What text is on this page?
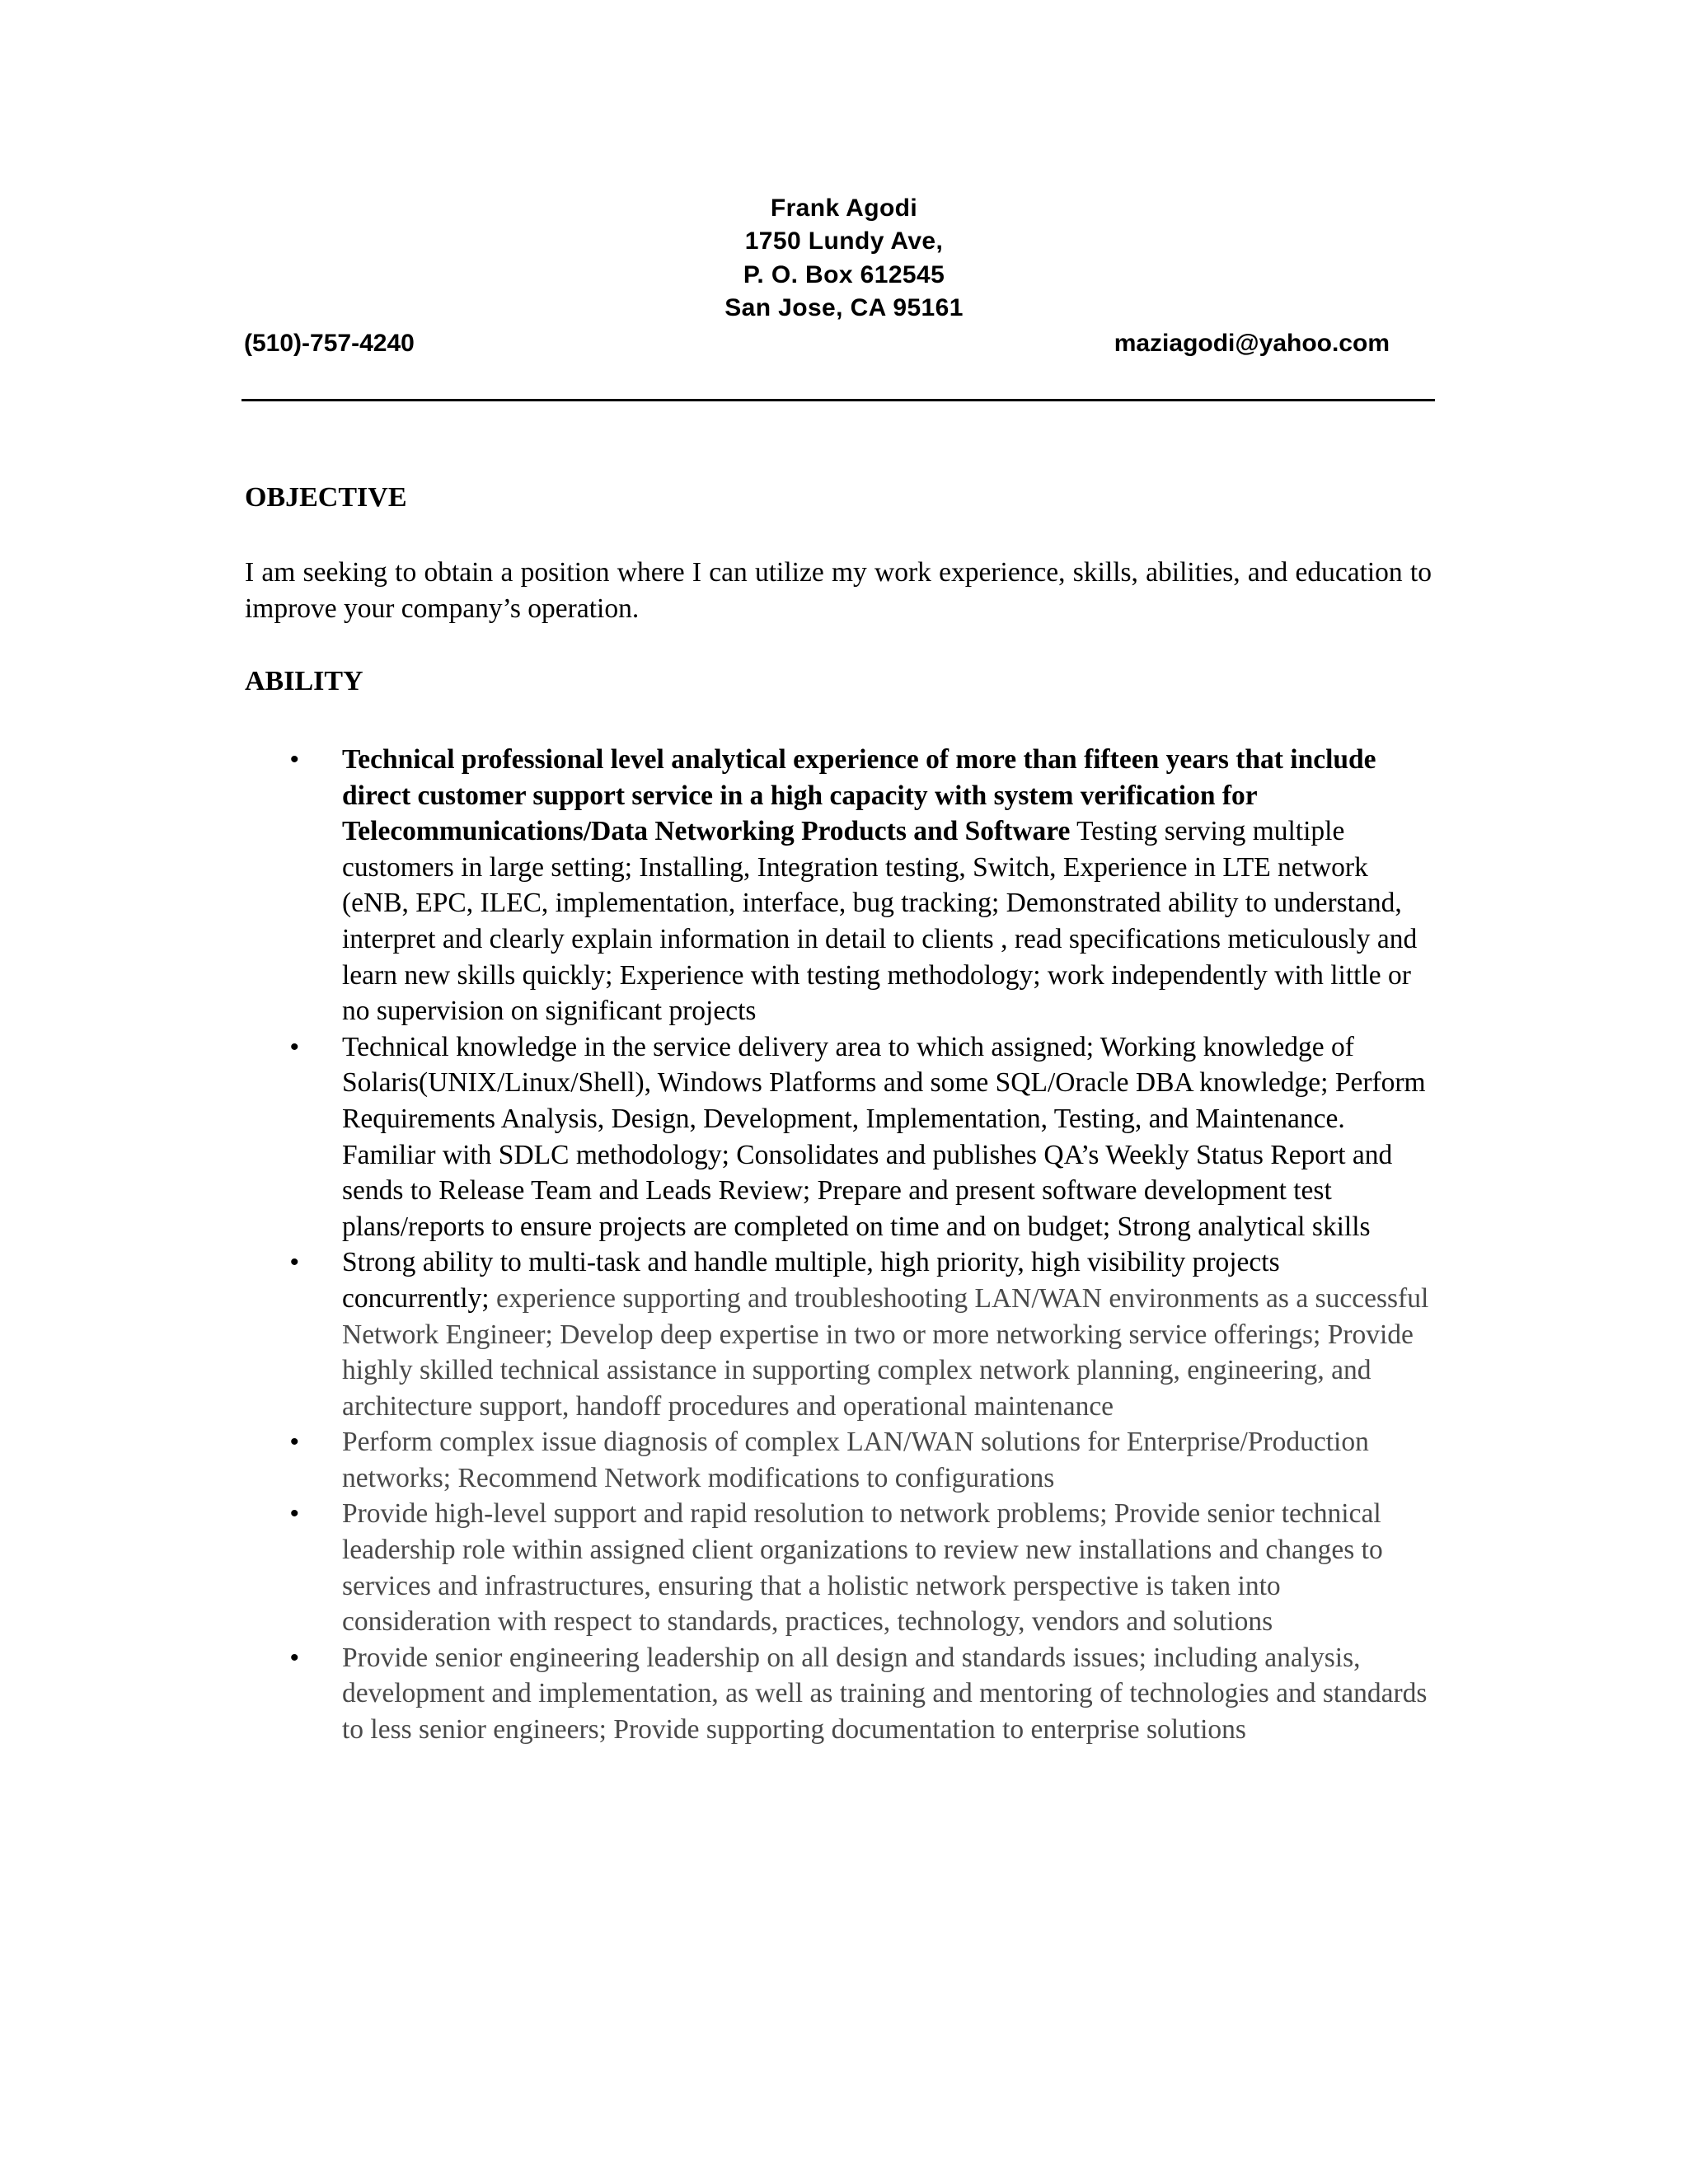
Frank Agodi
1750 Lundy Ave,
P. O. Box 612545
San Jose, CA 95161
(510)-757-4240	maziagodi@yahoo.com
OBJECTIVE

I am seeking to obtain a position where I can utilize my work experience, skills, abilities, and education to improve your company’s operation.

ABILITY
• Technical professional level analytical experience of more than fifteen years that include direct customer support service in a high capacity with system verification for Telecommunications/Data Networking Products and Software Testing serving multiple customers in large setting; Installing, Integration testing, Switch, Experience in LTE network (eNB, EPC, ILEC, implementation, interface, bug tracking; Demonstrated ability to understand, interpret and clearly explain information in detail to clients , read specifications meticulously and learn new skills quickly; Experience with testing methodology; work independently with little or no supervision on significant projects
• Technical knowledge in the service delivery area to which assigned; Working knowledge of Solaris(UNIX/Linux/Shell), Windows Platforms and some SQL/Oracle DBA knowledge; Perform Requirements Analysis, Design, Development, Implementation, Testing, and Maintenance. Familiar with SDLC methodology; Consolidates and publishes QA’s Weekly Status Report and sends to Release Team and Leads Review; Prepare and present software development test plans/reports to ensure projects are completed on time and on budget; Strong analytical skills
• Strong ability to multi-task and handle multiple, high priority, high visibility projects concurrently; experience supporting and troubleshooting LAN/WAN environments as a successful Network Engineer; Develop deep expertise in two or more networking service offerings; Provide highly skilled technical assistance in supporting complex network planning, engineering, and architecture support, handoff procedures and operational maintenance
• Perform complex issue diagnosis of complex LAN/WAN solutions for Enterprise/Production networks; Recommend Network modifications to configurations
• Provide high-level support and rapid resolution to network problems; Provide senior technical leadership role within assigned client organizations to review new installations and changes to services and infrastructures, ensuring that a holistic network perspective is taken into consideration with respect to standards, practices, technology, vendors and solutions
• Provide senior engineering leadership on all design and standards issues; including analysis, development and implementation, as well as training and mentoring of technologies and standards to less senior engineers; Provide supporting documentation to enterprise solutions
